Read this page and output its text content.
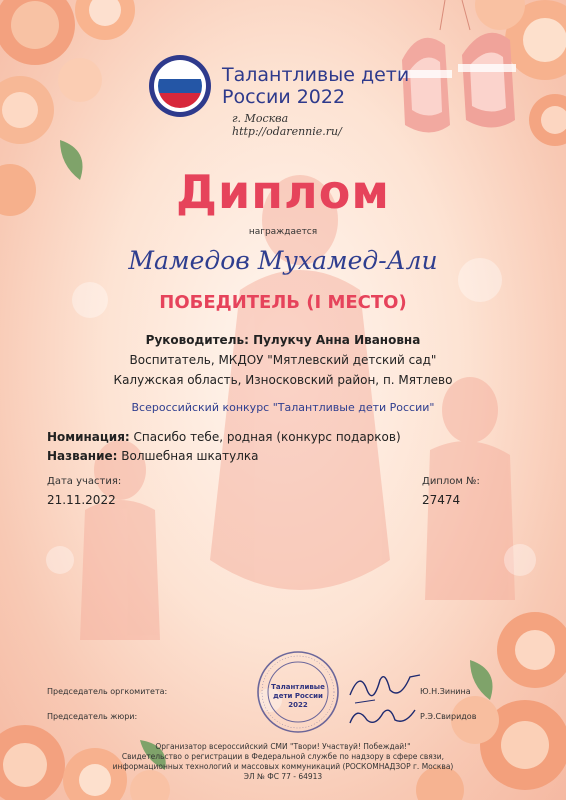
Талантливые дети
России 2022
г. Москва
http://odarennie.ru/
Диплом
награждается
Мамедов Мухамед-Али
ПОБЕДИТЕЛЬ (I МЕСТО)
Руководитель: Пулукчу Анна Ивановна
Воспитатель, МКДОУ "Мятлевский детский сад"
Калужская область, Износковский район, п. Мятлево
Всероссийский конкурс "Талантливые дети России"
Номинация: Спасибо тебе, родная (конкурс подарков)
Название: Волшебная шкатулка
Дата участия:
21.11.2022
Диплом №:
27474
Председатель оргкомитета:	Ю.Н.Зинина
Председатель жюри:	Р.Э.Свиридов
Талантливые
дети России
2022
Организатор всероссийский СМИ "Твори! Участвуй! Побеждай!"
Свидетельство о регистрации в Федеральной службе по надзору в сфере связи,
информационных технологий и массовых коммуникаций (РОСКОМНАДЗОР г. Москва)
ЭЛ № ФС 77 - 64913
